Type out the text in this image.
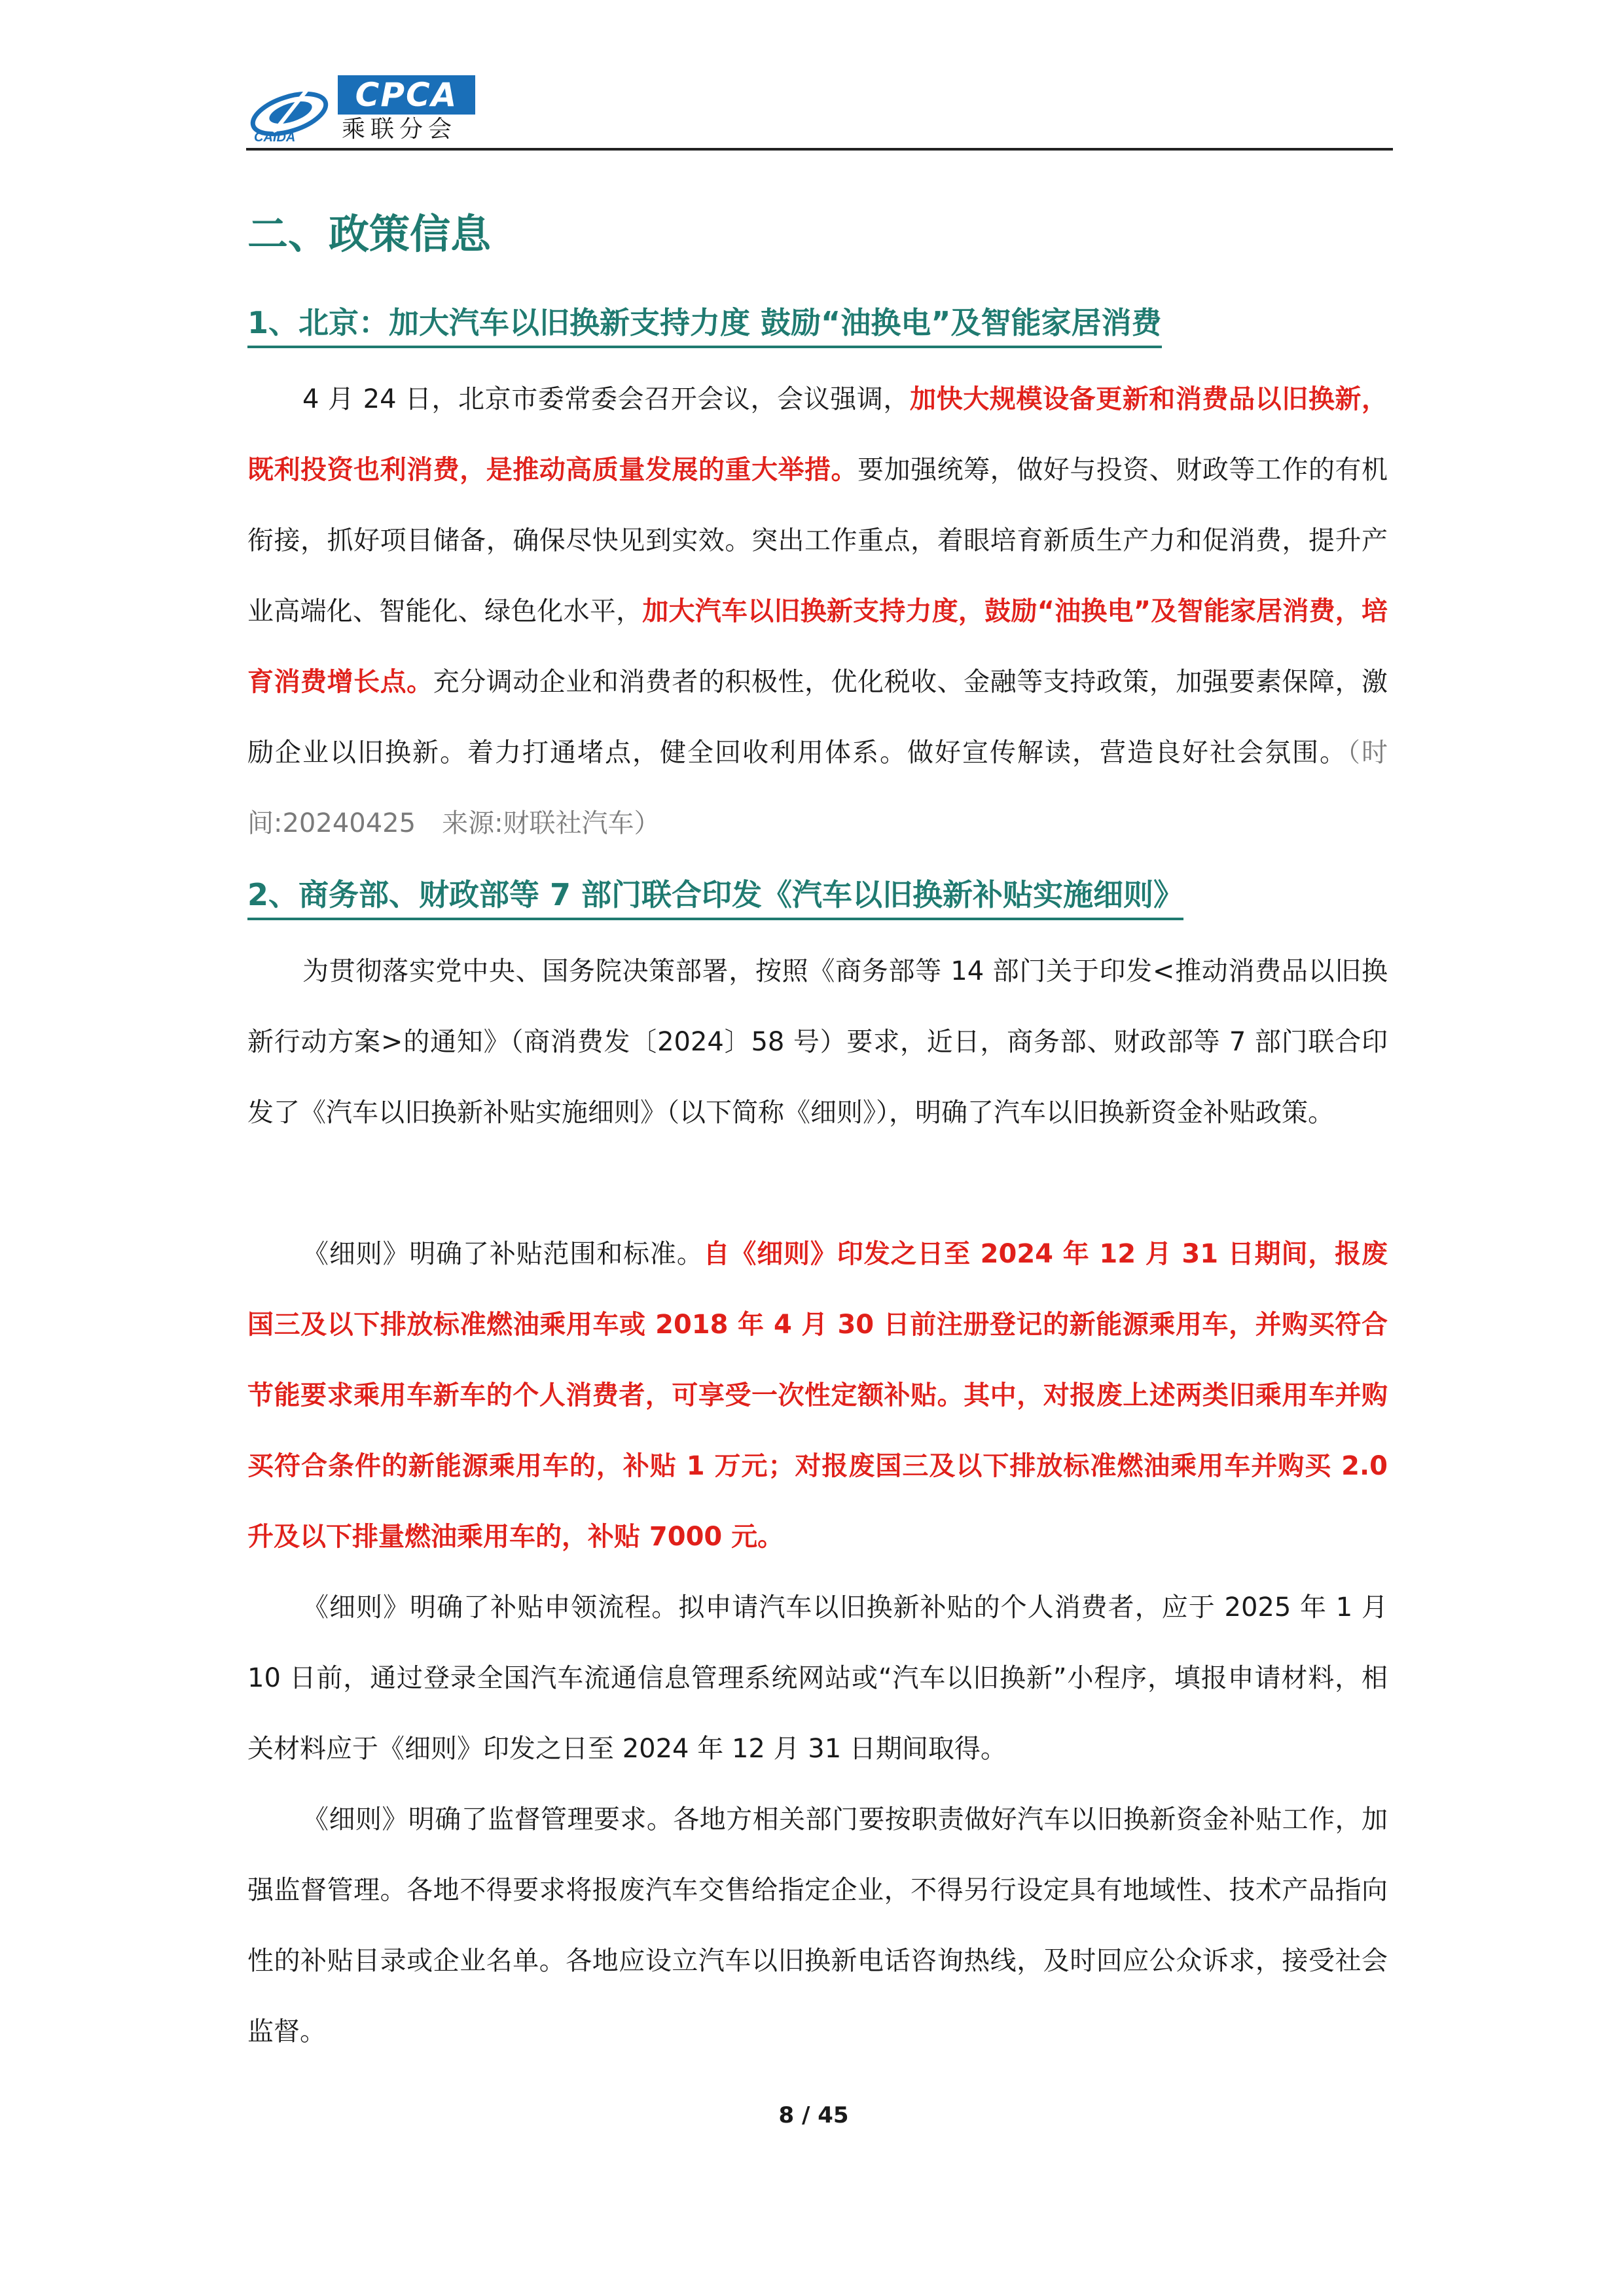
CAIDA
CPCA
乘联分会
二、政策信息
1、北京：加大汽车以旧换新支持力度 鼓励“油换电”及智能家居消费

4 月 24 日，北京市委常委会召开会议，会议强调，加快大规模设备更新和消费品以旧换新，既利投资也利消费，是推动高质量发展的重大举措。要加强统筹，做好与投资、财政等工作的有机衔接，抓好项目储备，确保尽快见到实效。突出工作重点，着眼培育新质生产力和促消费，提升产业高端化、智能化、绿色化水平，加大汽车以旧换新支持力度，鼓励“油换电”及智能家居消费，培育消费增长点。充分调动企业和消费者的积极性，优化税收、金融等支持政策，加强要素保障，激励企业以旧换新。着力打通堵点，健全回收利用体系。做好宣传解读，营造良好社会氛围。（时间:20240425　来源:财联社汽车）

2、商务部、财政部等 7 部门联合印发《汽车以旧换新补贴实施细则》

为贯彻落实党中央、国务院决策部署，按照《商务部等 14 部门关于印发<推动消费品以旧换新行动方案>的通知》（商消费发〔2024〕58 号）要求，近日，商务部、财政部等 7 部门联合印发了《汽车以旧换新补贴实施细则》（以下简称《细则》），明确了汽车以旧换新资金补贴政策。

《细则》明确了补贴范围和标准。自《细则》印发之日至 2024 年 12 月 31 日期间，报废国三及以下排放标准燃油乘用车或 2018 年 4 月 30 日前注册登记的新能源乘用车，并购买符合节能要求乘用车新车的个人消费者，可享受一次性定额补贴。其中，对报废上述两类旧乘用车并购买符合条件的新能源乘用车的，补贴 1 万元；对报废国三及以下排放标准燃油乘用车并购买 2.0 升及以下排量燃油乘用车的，补贴 7000 元。

《细则》明确了补贴申领流程。拟申请汽车以旧换新补贴的个人消费者，应于 2025 年 1 月 10 日前，通过登录全国汽车流通信息管理系统网站或“汽车以旧换新”小程序，填报申请材料，相关材料应于《细则》印发之日至 2024 年 12 月 31 日期间取得。

《细则》明确了监督管理要求。各地方相关部门要按职责做好汽车以旧换新资金补贴工作，加强监督管理。各地不得要求将报废汽车交售给指定企业，不得另行设定具有地域性、技术产品指向性的补贴目录或企业名单。各地应设立汽车以旧换新电话咨询热线，及时回应公众诉求，接受社会监督。

8 / 45
